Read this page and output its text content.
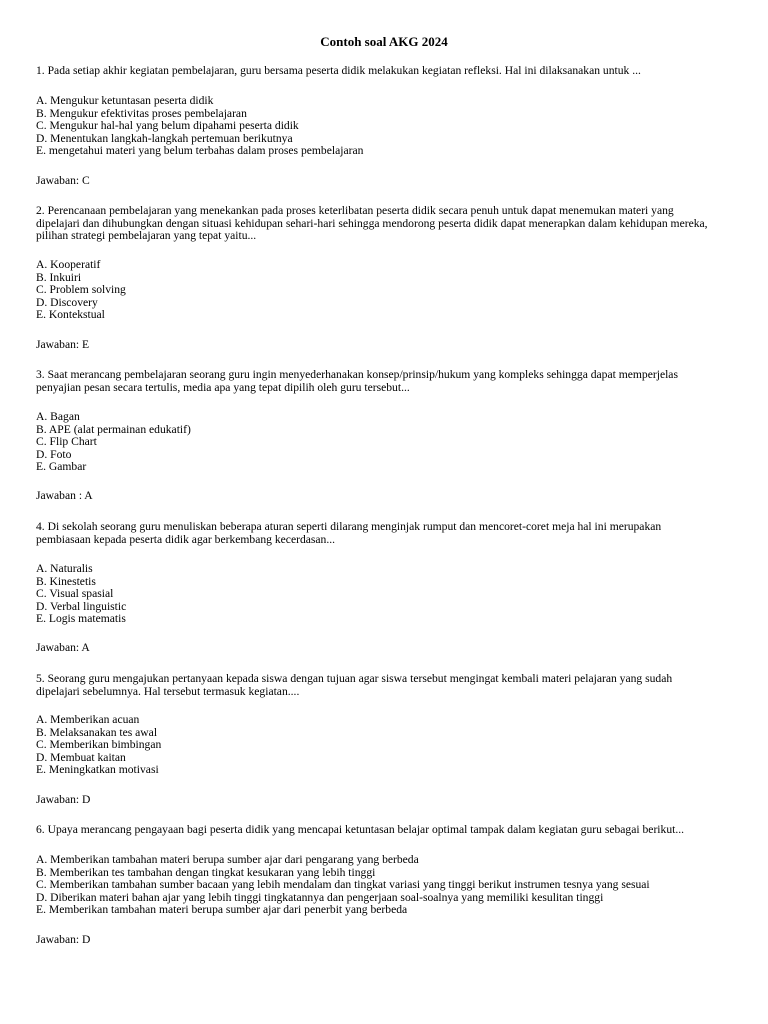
Contoh soal AKG 2024
1. Pada setiap akhir kegiatan pembelajaran, guru bersama peserta didik melakukan kegiatan refleksi. Hal ini dilaksanakan untuk ...
A. Mengukur ketuntasan peserta didik
B. Mengukur efektivitas proses pembelajaran
C. Mengukur hal-hal yang belum dipahami peserta didik
D. Menentukan langkah-langkah pertemuan berikutnya
E. mengetahui materi yang belum terbahas dalam proses pembelajaran
Jawaban: C
2. Perencanaan pembelajaran yang menekankan pada proses keterlibatan peserta didik secara penuh untuk dapat menemukan materi yang
dipelajari dan dihubungkan dengan situasi kehidupan sehari-hari sehingga mendorong peserta didik dapat menerapkan dalam kehidupan mereka,
pilihan strategi pembelajaran yang tepat yaitu...
A. Kooperatif
B. Inkuiri
C. Problem solving
D. Discovery
E. Kontekstual
Jawaban: E
3. Saat merancang pembelajaran seorang guru ingin menyederhanakan konsep/prinsip/hukum yang kompleks sehingga dapat memperjelas
penyajian pesan secara tertulis, media apa yang tepat dipilih oleh guru tersebut...
A. Bagan
B. APE (alat permainan edukatif)
C. Flip Chart
D. Foto
E. Gambar
Jawaban : A
4. Di sekolah seorang guru menuliskan beberapa aturan seperti dilarang menginjak rumput dan mencoret-coret meja hal ini merupakan
pembiasaan kepada peserta didik agar berkembang kecerdasan...
A. Naturalis
B. Kinestetis
C. Visual spasial
D. Verbal linguistic
E. Logis matematis
Jawaban: A
5. Seorang guru mengajukan pertanyaan kepada siswa dengan tujuan agar siswa tersebut mengingat kembali materi pelajaran yang sudah
dipelajari sebelumnya. Hal tersebut termasuk kegiatan....
A. Memberikan acuan
B. Melaksanakan tes awal
C. Memberikan bimbingan
D. Membuat kaitan
E. Meningkatkan motivasi
Jawaban: D
6. Upaya merancang pengayaan bagi peserta didik yang mencapai ketuntasan belajar optimal tampak dalam kegiatan guru sebagai berikut...
A. Memberikan tambahan materi berupa sumber ajar dari pengarang yang berbeda
B. Memberikan tes tambahan dengan tingkat kesukaran yang lebih tinggi
C. Memberikan tambahan sumber bacaan yang lebih mendalam dan tingkat variasi yang tinggi berikut instrumen tesnya yang sesuai
D. Diberikan materi bahan ajar yang lebih tinggi tingkatannya dan pengerjaan soal-soalnya yang memiliki kesulitan tinggi
E. Memberikan tambahan materi berupa sumber ajar dari penerbit yang berbeda
Jawaban: D
